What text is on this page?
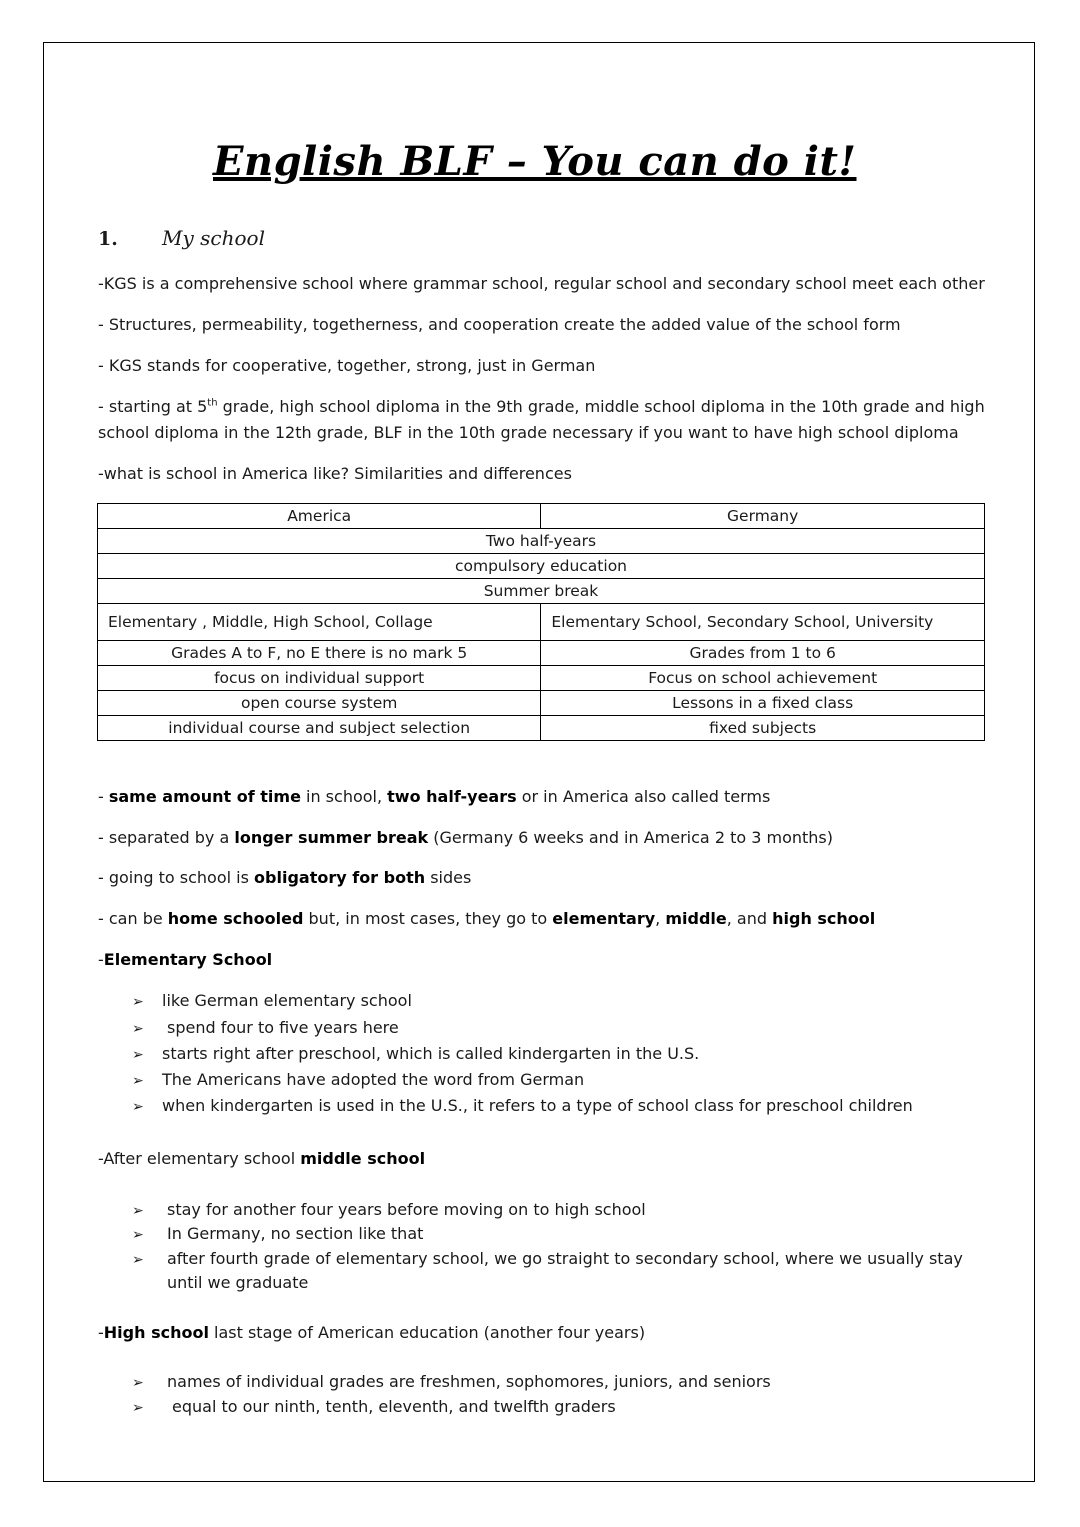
English BLF – You can do it!
1. My school
-KGS is a comprehensive school where grammar school, regular school and secondary school meet each other
- Structures, permeability, togetherness, and cooperation create the added value of the school form
- KGS stands for cooperative, together, strong, just in German
- starting at 5th grade, high school diploma in the 9th grade, middle school diploma in the 10th grade and high school diploma in the 12th grade, BLF in the 10th grade necessary if you want to have high school diploma
-what is school in America like? Similarities and differences
America	Germany
Two half-years	
compulsory education	
Summer break	
Elementary , Middle, High School, Collage	Elementary School, Secondary School, University
Grades A to F, no E there is no mark 5	Grades from 1 to 6
focus on individual support	Focus on school achievement
open course system	Lessons in a fixed class
individual course and subject selection	fixed subjects
- same amount of time in school, two half-years or in America also called terms
- separated by a longer summer break (Germany 6 weeks and in America 2 to 3 months)
- going to school is obligatory for both sides
- can be home schooled but, in most cases, they go to elementary, middle, and high school
-Elementary School
➢ like German elementary school
➢ spend four to five years here
➢ starts right after preschool, which is called kindergarten in the U.S.
➢ The Americans have adopted the word from German
➢ when kindergarten is used in the U.S., it refers to a type of school class for preschool children
-After elementary school middle school
➢ stay for another four years before moving on to high school
➢ In Germany, no section like that
➢ after fourth grade of elementary school, we go straight to secondary school, where we usually stay
until we graduate
-High school last stage of American education (another four years)
➢ names of individual grades are freshmen, sophomores, juniors, and seniors
➢ equal to our ninth, tenth, eleventh, and twelfth graders
